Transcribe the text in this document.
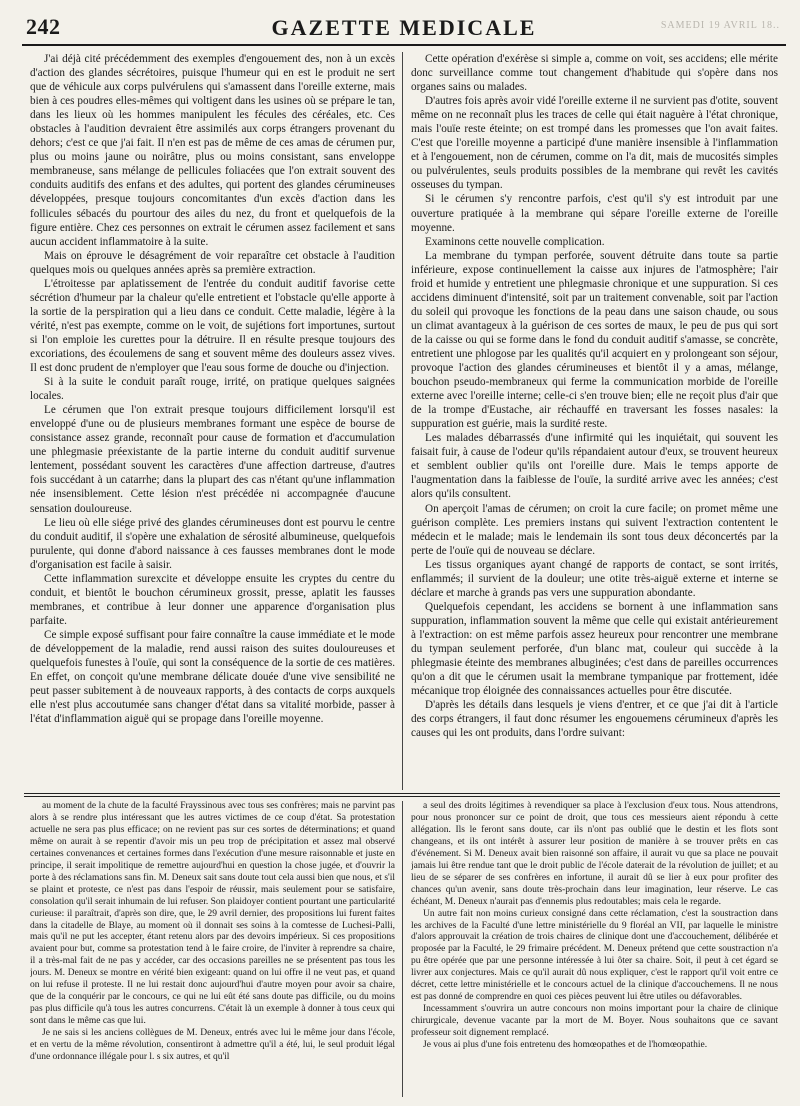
242	GAZETTE MEDICALE	SAMEDI 19 AVRIL 18..

J'ai déjà cité précédemment des exemples d'engouement des, non à un excès d'action des glandes sécrétoires, puisque l'humeur qui en est le produit ne sert que de véhicule aux corps pulvérulens qui s'amassent dans l'oreille externe, mais bien à ces poudres elles-mêmes qui voltigent dans les usines où se prépare le tan, dans les lieux où les hommes manipulent les fécules des céréales, etc. Ces obstacles à l'audition devraient être assimilés aux corps étrangers provenant du dehors; c'est ce que j'ai fait. Il n'en est pas de même de ces amas de cérumen pur, plus ou moins jaune ou noirâtre, plus ou moins consistant, sans enveloppe membraneuse, sans mélange de pellicules foliacées que l'on extrait souvent des conduits auditifs des enfans et des adultes, qui portent des glandes cérumineuses développées, presque toujours concomitantes d'un excès d'action dans les follicules sébacés du pourtour des ailes du nez, du front et quelquefois de la figure entière. Chez ces personnes on extrait le cérumen assez facilement et sans aucun accident inflammatoire à la suite.

Mais on éprouve le désagrément de voir reparaître cet obstacle à l'audition quelques mois ou quelques années après sa première extraction.

L'étroitesse par aplatissement de l'entrée du conduit auditif favorise cette sécrétion d'humeur par la chaleur qu'elle entretient et l'obstacle qu'elle apporte à la sortie de la perspiration qui a lieu dans ce conduit. Cette maladie, légère à la vérité, n'est pas exempte, comme on le voit, de sujétions fort importunes, surtout si l'on emploie les curettes pour la détruire. Il en résulte presque toujours des excoriations, des écoulemens de sang et souvent même des douleurs assez vives. Il est donc prudent de n'employer que l'eau sous forme de douche ou d'injection.

Si à la suite le conduit paraît rouge, irrité, on pratique quelques saignées locales.

Le cérumen que l'on extrait presque toujours difficilement lorsqu'il est enveloppé d'une ou de plusieurs membranes formant une espèce de bourse de consistance assez grande, reconnaît pour cause de formation et d'accumulation une phlegmasie préexistante de la partie interne du conduit auditif survenue lentement, possédant souvent les caractères d'une affection dartreuse, d'autres fois succédant à un catarrhe; dans la plupart des cas n'étant qu'une inflammation née insensiblement. Cette lésion n'est précédée ni accompagnée d'aucune sensation douloureuse.

Le lieu où elle siége privé des glandes cérumineuses dont est pourvu le centre du conduit auditif, il s'opère une exhalation de sérosité albumineuse, quelquefois purulente, qui donne d'abord naissance à ces fausses membranes dont le mode d'organisation est facile à saisir.

Cette inflammation surexcite et développe ensuite les cryptes du centre du conduit, et bientôt le bouchon cérumineux grossit, presse, aplatit les fausses membranes, et contribue à leur donner une apparence d'organisation plus parfaite.

Ce simple exposé suffisant pour faire connaître la cause immédiate et le mode de développement de la maladie, rend aussi raison des suites douloureuses et quelquefois funestes à l'ouïe, qui sont la conséquence de la sortie de ces matières. En effet, on conçoit qu'une membrane délicate douée d'une vive sensibilité ne peut passer subitement à de nouveaux rapports, à des contacts de corps auxquels elle n'est plus accoutumée sans changer d'état dans sa vitalité morbide, passer à l'état d'inflammation aiguë qui se propage dans l'oreille moyenne.

Cette opération d'exérèse si simple a, comme on voit, ses accidens; elle mérite donc surveillance comme tout changement d'habitude qui s'opère dans nos organes sains ou malades.

D'autres fois après avoir vidé l'oreille externe il ne survient pas d'otite, souvent même on ne reconnaît plus les traces de celle qui était naguère à l'état chronique, mais l'ouïe reste éteinte; on est trompé dans les promesses que l'on avait faites. C'est que l'oreille moyenne a participé d'une manière insensible à l'inflammation et à l'engouement, non de cérumen, comme on l'a dit, mais de mucosités simples ou pulvérulentes, seuls produits possibles de la membrane qui revêt les cavités osseuses du tympan.

Si le cérumen s'y rencontre parfois, c'est qu'il s'y est introduit par une ouverture pratiquée à la membrane qui sépare l'oreille externe de l'oreille moyenne.

Examinons cette nouvelle complication.

La membrane du tympan perforée, souvent détruite dans toute sa partie inférieure, expose continuellement la caisse aux injures de l'atmosphère; l'air froid et humide y entretient une phlegmasie chronique et une suppuration. Si ces accidens diminuent d'intensité, soit par un traitement convenable, soit par l'action du soleil qui provoque les fonctions de la peau dans une saison chaude, ou sous un climat avantageux à la guérison de ces sortes de maux, le peu de pus qui sort de la caisse ou qui se forme dans le fond du conduit auditif s'amasse, se concrète, entretient une phlogose par les qualités qu'il acquiert en y prolongeant son séjour, provoque l'action des glandes cérumineuses et bientôt il y a amas, mélange, bouchon pseudo-membraneux qui ferme la communication morbide de l'oreille externe avec l'oreille interne; celle-ci s'en trouve bien; elle ne reçoit plus d'air que de la trompe d'Eustache, air réchauffé en traversant les fosses nasales: la suppuration est guérie, mais la surdité reste.

Les malades débarrassés d'une infirmité qui les inquiétait, qui souvent les faisait fuir, à cause de l'odeur qu'ils répandaient autour d'eux, se trouvent heureux et semblent oublier qu'ils ont l'oreille dure. Mais le temps apporte de l'augmentation dans la faiblesse de l'ouïe, la surdité arrive avec les années; c'est alors qu'ils consultent.

On aperçoit l'amas de cérumen; on croit la cure facile; on promet même une guérison complète. Les premiers instans qui suivent l'extraction contentent le médecin et le malade; mais le lendemain ils sont tous deux déconcertés par la perte de l'ouïe qui de nouveau se déclare.

Les tissus organiques ayant changé de rapports de contact, se sont irrités, enflammés; il survient de la douleur; une otite très-aiguë externe et interne se déclare et marche à grands pas vers une suppuration abondante.

Quelquefois cependant, les accidens se bornent à une inflammation sans suppuration, inflammation souvent la même que celle qui existait antérieurement à l'extraction: on est même parfois assez heureux pour rencontrer une membrane du tympan seulement perforée, d'un blanc mat, couleur qui succède à la phlegmasie éteinte des membranes albuginées; c'est dans de pareilles occurrences qu'on a dit que le cérumen usait la membrane tympanique par frottement, idée mécanique trop éloignée des connaissances actuelles pour être discutée.

D'après les détails dans lesquels je viens d'entrer, et ce que j'ai dit à l'article des corps étrangers, il faut donc résumer les engouemens cérumineux d'après les causes qui les ont produits, dans l'ordre suivant:

au moment de la chute de la faculté Frayssinous avec tous ses confrères; mais ne parvint pas alors à se rendre plus intéressant que les autres victimes de ce coup d'état. Sa protestation actuelle ne sera pas plus efficace; on ne revient pas sur ces sortes de déterminations; et quand même on aurait à se repentir d'avoir mis un peu trop de précipitation et assez mal observé certaines convenances et certaines formes dans l'exécution d'une mesure raisonnable et juste en principe, il serait impolitique de remettre aujourd'hui en question la chose jugée, et d'ouvrir la porte à des réclamations sans fin. M. Deneux sait sans doute tout cela aussi bien que nous, et s'il se plaint et proteste, ce n'est pas dans l'espoir de réussir, mais seulement pour se satisfaire, consolation qu'il serait inhumain de lui refuser. Son plaidoyer contient pourtant une particularité curieuse: il paraîtrait, d'après son dire, que, le 29 avril dernier, des propositions lui furent faites dans la citadelle de Blaye, au moment où il donnait ses soins à la comtesse de Luchesi-Palli, mais qu'il ne put les accepter, étant retenu alors par des devoirs impérieux. Si ces propositions avaient pour but, comme sa protestation tend à le faire croire, de l'inviter à reprendre sa chaire, il a très-mal fait de ne pas y accéder, car des occasions pareilles ne se présentent pas tous les jours. M. Deneux se montre en vérité bien exigeant: quand on lui offre il ne veut pas, et quand on lui refuse il proteste. Il ne lui restait donc aujourd'hui d'autre moyen pour avoir sa chaire, que de la conquérir par le concours, ce qui ne lui eût été sans doute pas difficile, ou du moins pas plus difficile qu'à tous les autres concurrens. C'était là un exemple à donner à tous ceux qui sont dans le même cas que lui.

Je ne sais si les anciens collègues de M. Deneux, entrés avec lui le même jour dans l'école, et en vertu de la même révolution, consentiront à admettre qu'il a été, lui, le seul produit légal d'une ordonnance illégale pour l. s six autres, et qu'il

a seul des droits légitimes à revendiquer sa place à l'exclusion d'eux tous. Nous attendrons, pour nous prononcer sur ce point de droit, que tous ces messieurs aient répondu à cette allégation. Ils le feront sans doute, car ils n'ont pas oublié que le destin et les flots sont changeans, et ils ont intérêt à assurer leur position de manière à se trouver prêts en cas d'événement. Si M. Deneux avait bien raisonné son affaire, il aurait vu que sa place ne pouvait jamais lui être rendue tant que le droit public de l'école daterait de la révolution de juillet; et au lieu de se séparer de ses confrères en infortune, il aurait dû se lier à eux pour profiter des chances qu'un avenir, sans doute très-prochain dans leur imagination, leur réserve. Le cas échéant, M. Deneux n'aurait pas d'ennemis plus redoutables; mais cela le regarde.

Un autre fait non moins curieux consigné dans cette réclamation, c'est la soustraction dans les archives de la Faculté d'une lettre ministérielle du 9 floréal an VII, par laquelle le ministre d'alors approuvait la création de trois chaires de clinique dont une d'accouchement, délibérée et proposée par la Faculté, le 29 frimaire précédent. M. Deneux prétend que cette soustraction n'a pu être opérée que par une personne intéressée à lui ôter sa chaire. Soit, il peut à cet égard se livrer aux conjectures. Mais ce qu'il aurait dû nous expliquer, c'est le rapport qu'il voit entre ce décret, cette lettre ministérielle et le concours actuel de la clinique d'accouchemens. Il ne nous est pas donné de comprendre en quoi ces pièces peuvent lui être utiles ou défavorables.

Incessamment s'ouvrira un autre concours non moins important pour la chaire de clinique chirurgicale, devenue vacante par la mort de M. Boyer. Nous souhaitons que ce savant professeur soit dignement remplacé.

Je vous ai plus d'une fois entretenu des homœopathes et de l'homœopathie.
